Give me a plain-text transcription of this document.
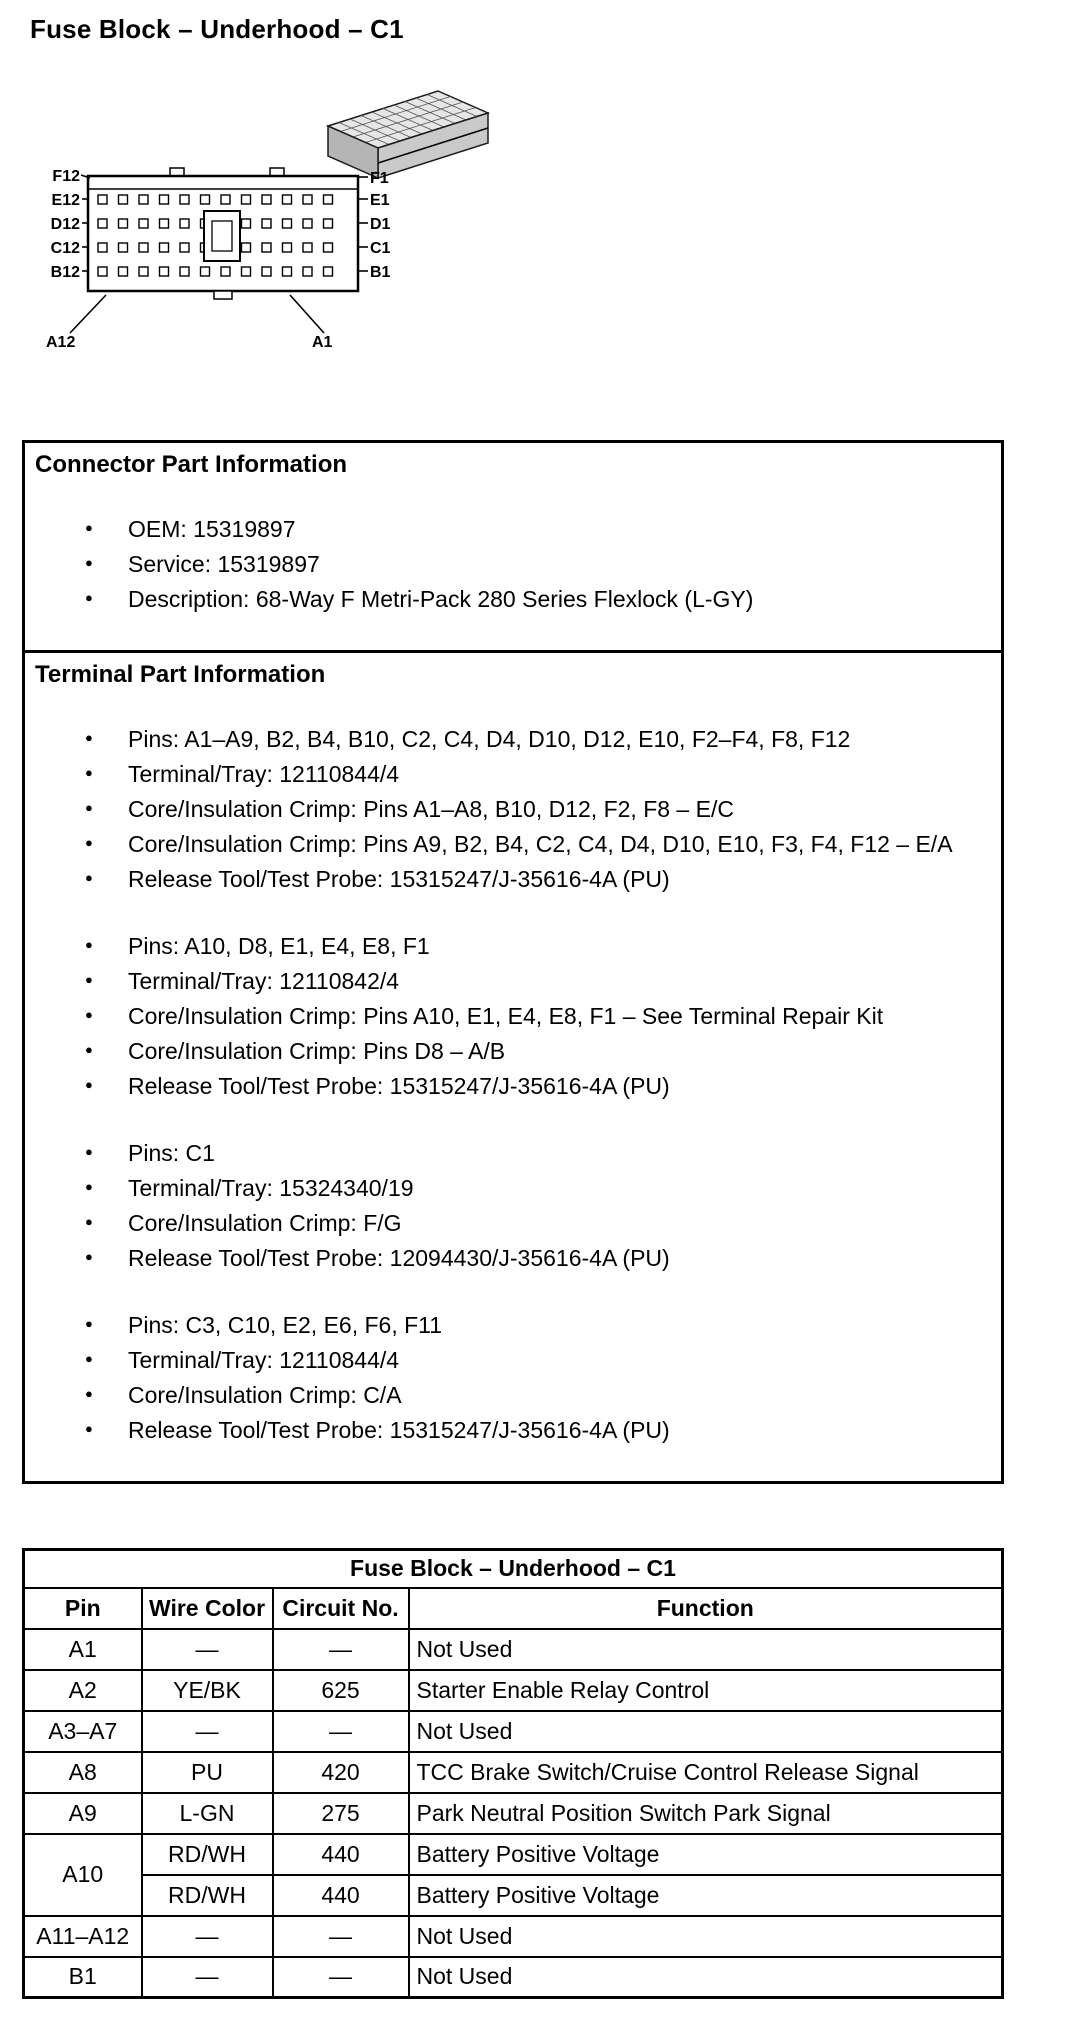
Fuse Block – Underhood – C1
F12
E12
D12
C12
B12
F1
E1
D1
C1
B1
A12	A1
Connector Part Information
● OEM: 15319897
● Service: 15319897
● Description: 68-Way F Metri-Pack 280 Series Flexlock (L-GY)
Terminal Part Information
● Pins: A1–A9, B2, B4, B10, C2, C4, D4, D10, D12, E10, F2–F4, F8, F12
● Terminal/Tray: 12110844/4
● Core/Insulation Crimp: Pins A1–A8, B10, D12, F2, F8 – E/C
● Core/Insulation Crimp: Pins A9, B2, B4, C2, C4, D4, D10, E10, F3, F4, F12 – E/A
● Release Tool/Test Probe: 15315247/J-35616-4A (PU)
● Pins: A10, D8, E1, E4, E8, F1
● Terminal/Tray: 12110842/4
● Core/Insulation Crimp: Pins A10, E1, E4, E8, F1 – See Terminal Repair Kit
● Core/Insulation Crimp: Pins D8 – A/B
● Release Tool/Test Probe: 15315247/J-35616-4A (PU)
● Pins: C1
● Terminal/Tray: 15324340/19
● Core/Insulation Crimp: F/G
● Release Tool/Test Probe: 12094430/J-35616-4A (PU)
● Pins: C3, C10, E2, E6, F6, F11
● Terminal/Tray: 12110844/4
● Core/Insulation Crimp: C/A
● Release Tool/Test Probe: 15315247/J-35616-4A (PU)
Fuse Block – Underhood – C1			
Pin	Wire Color	Circuit No.	Function
A1	—	—	Not Used
A2	YE/BK	625	Starter Enable Relay Control
A3–A7	—	—	Not Used
A8	PU	420	TCC Brake Switch/Cruise Control Release Signal
A9	L-GN	275	Park Neutral Position Switch Park Signal
A10	RD/WH	440	Battery Positive Voltage
	RD/WH	440	Battery Positive Voltage
A11–A12	—	—	Not Used
B1	—	—	Not Used
